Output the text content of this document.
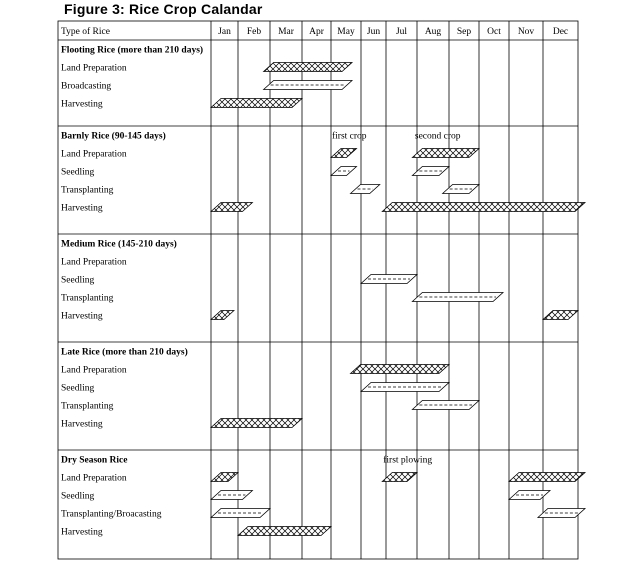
Figure 3: Rice Crop Calandar
Type of Rice	Jan Feb Mar Apr May Jun Jul Aug Sep Oct Nov Dec
Flooting Rice (more than 210 days)
Land Preparation
Broadcasting
Harvesting
Barnly Rice (90-145 days)	first crop	second crop
Land Preparation
Seedling
Transplanting
Harvesting
Medium Rice (145-210 days)
Land Preparation
Seedling
Transplanting
Harvesting
Late Rice (more than 210 days)
Land Preparation
Seedling
Transplanting
Harvesting
Dry Season Rice	first plowing
Land Preparation
Seedling
Transplanting/Broacasting
Harvesting
